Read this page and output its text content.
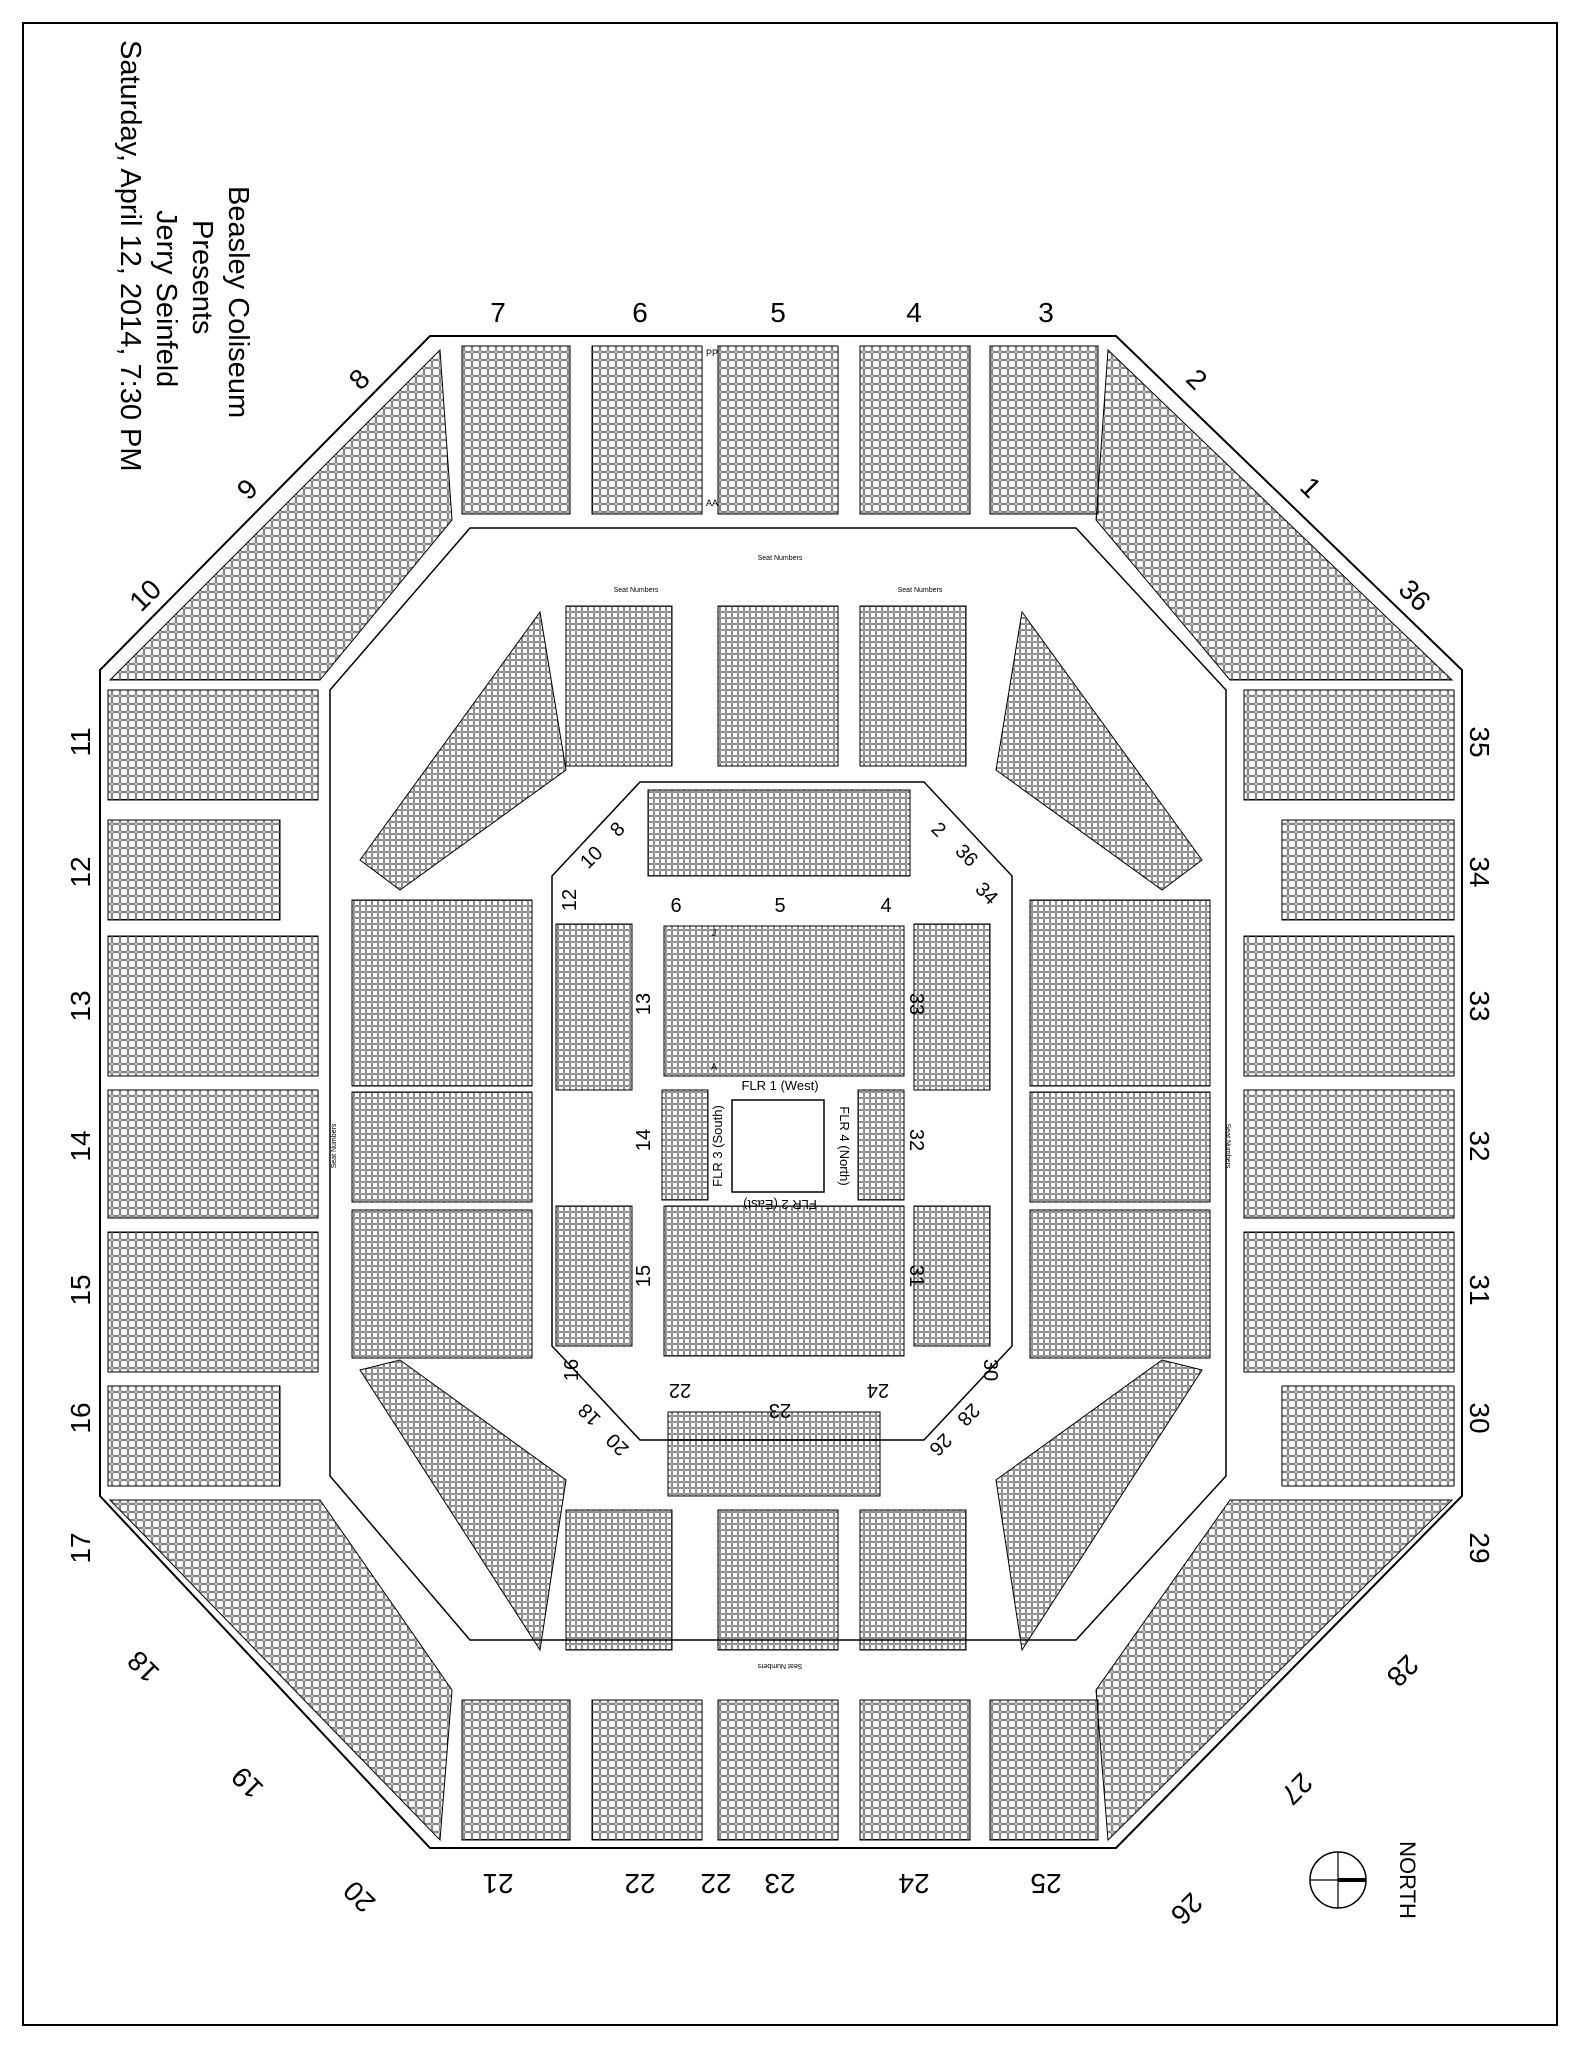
Beasley Coliseum
Presents
Jerry Seinfeld
Saturday, April 12, 2014, 7:30 PM	7	6	5	4	3
2
1
36
8
9
10
11
12
13
14
15
16
17
35
34
33
32
31
30
29
18
19
20	21	22 22 23	24	25
26
27
28
6	5	4
8
10
12
2
36
34
13	33
14	32
15	31
16	30
18
20
22
23
24
26
28
FLR 1 (West)
FLR 2 (East)
FLR 3 (South)	FLR 4 (North)
Seat Numbers
Seat Numbers	Seat Numbers
Seat Numbers
Seat Numbers	Seat Numbers
PP
AA
J
A
NORTH
